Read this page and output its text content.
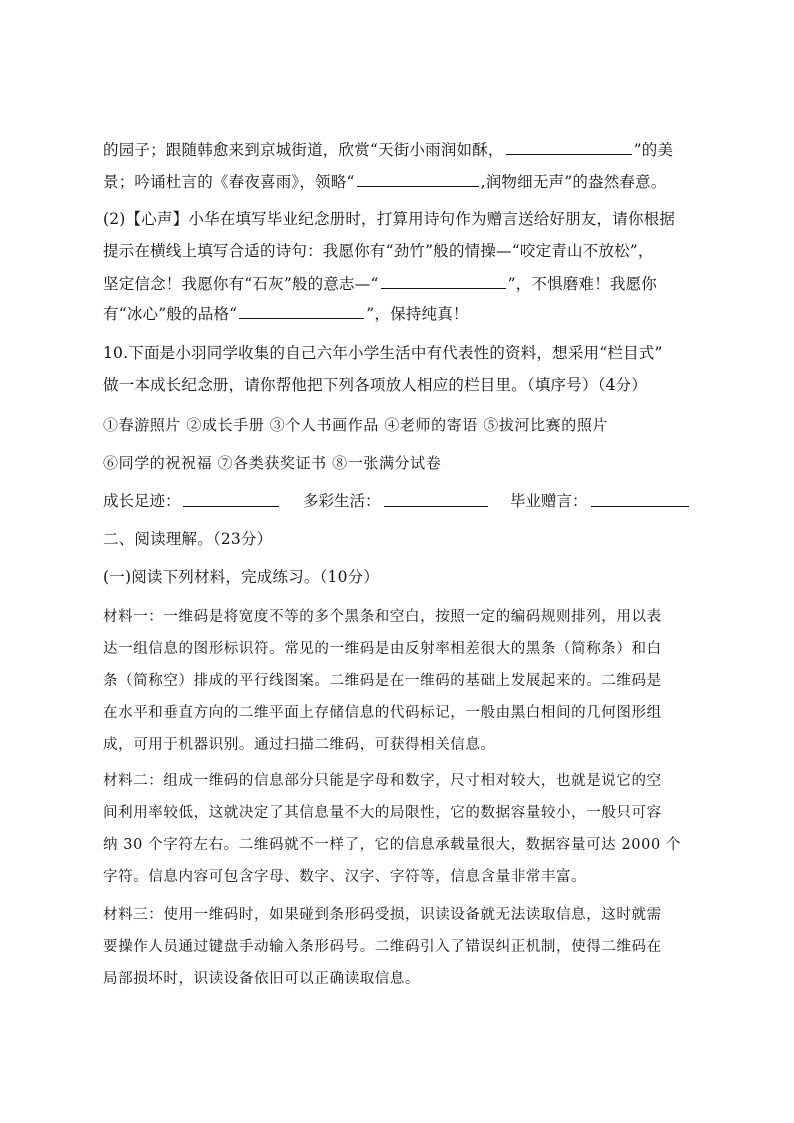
的园子；跟随韩愈来到京城街道，欣赏“天街小雨润如酥，	”的美
景；吟诵杜言的《春夜喜雨》，领略“	,润物细无声”的盎然春意。
(2)【心声】小华在填写毕业纪念册时，打算用诗句作为赠言送给好朋友，请你根据
提示在横线上填写合适的诗句：我愿你有“劲竹”般的情操—“咬定青山不放松”，
坚定信念！我愿你有“石灰”般的意志—“	”，不惧磨难！我愿你
有“冰心”般的品格“	”，保持纯真！
10.下面是小羽同学收集的自己六年小学生活中有代表性的资料，想采用“栏目式”
做一本成长纪念册，请你帮他把下列各项放人相应的栏目里。（填序号）（4分）
①春游照片 ②成长手册 ③个人书画作品 ④老师的寄语 ⑤拔河比赛的照片
⑥同学的祝祝福 ⑦各类获奖证书 ⑧一张满分试卷
成长足迹：	多彩生活：	毕业赠言：
二、阅读理解。（23分）
(一)阅读下列材料，完成练习。（10分）
材料一：一维码是将宽度不等的多个黑条和空白，按照一定的编码规则排列，用以表
达一组信息的图形标识符。常见的一维码是由反射率相差很大的黑条（简称条）和白
条（简称空）排成的平行线图案。二维码是在一维码的基础上发展起来的。二维码是
在水平和垂直方向的二维平面上存储信息的代码标记，一般由黑白相间的几何图形组
成，可用于机器识别。通过扫描二维码，可获得相关信息。
材料二：组成一维码的信息部分只能是字母和数字，尺寸相对较大，也就是说它的空
间利用率较低，这就决定了其信息量不大的局限性，它的数据容量较小，一般只可容
纳 30 个字符左右。二维码就不一样了，它的信息承载量很大，数据容量可达 2000 个
字符。信息内容可包含字母、数字、汉字、字符等，信息含量非常丰富。
材料三：使用一维码时，如果碰到条形码受损，识读设备就无法读取信息，这时就需
要操作人员通过键盘手动输入条形码号。二维码引入了错误纠正机制，使得二维码在
局部损坏时，识读设备依旧可以正确读取信息。
